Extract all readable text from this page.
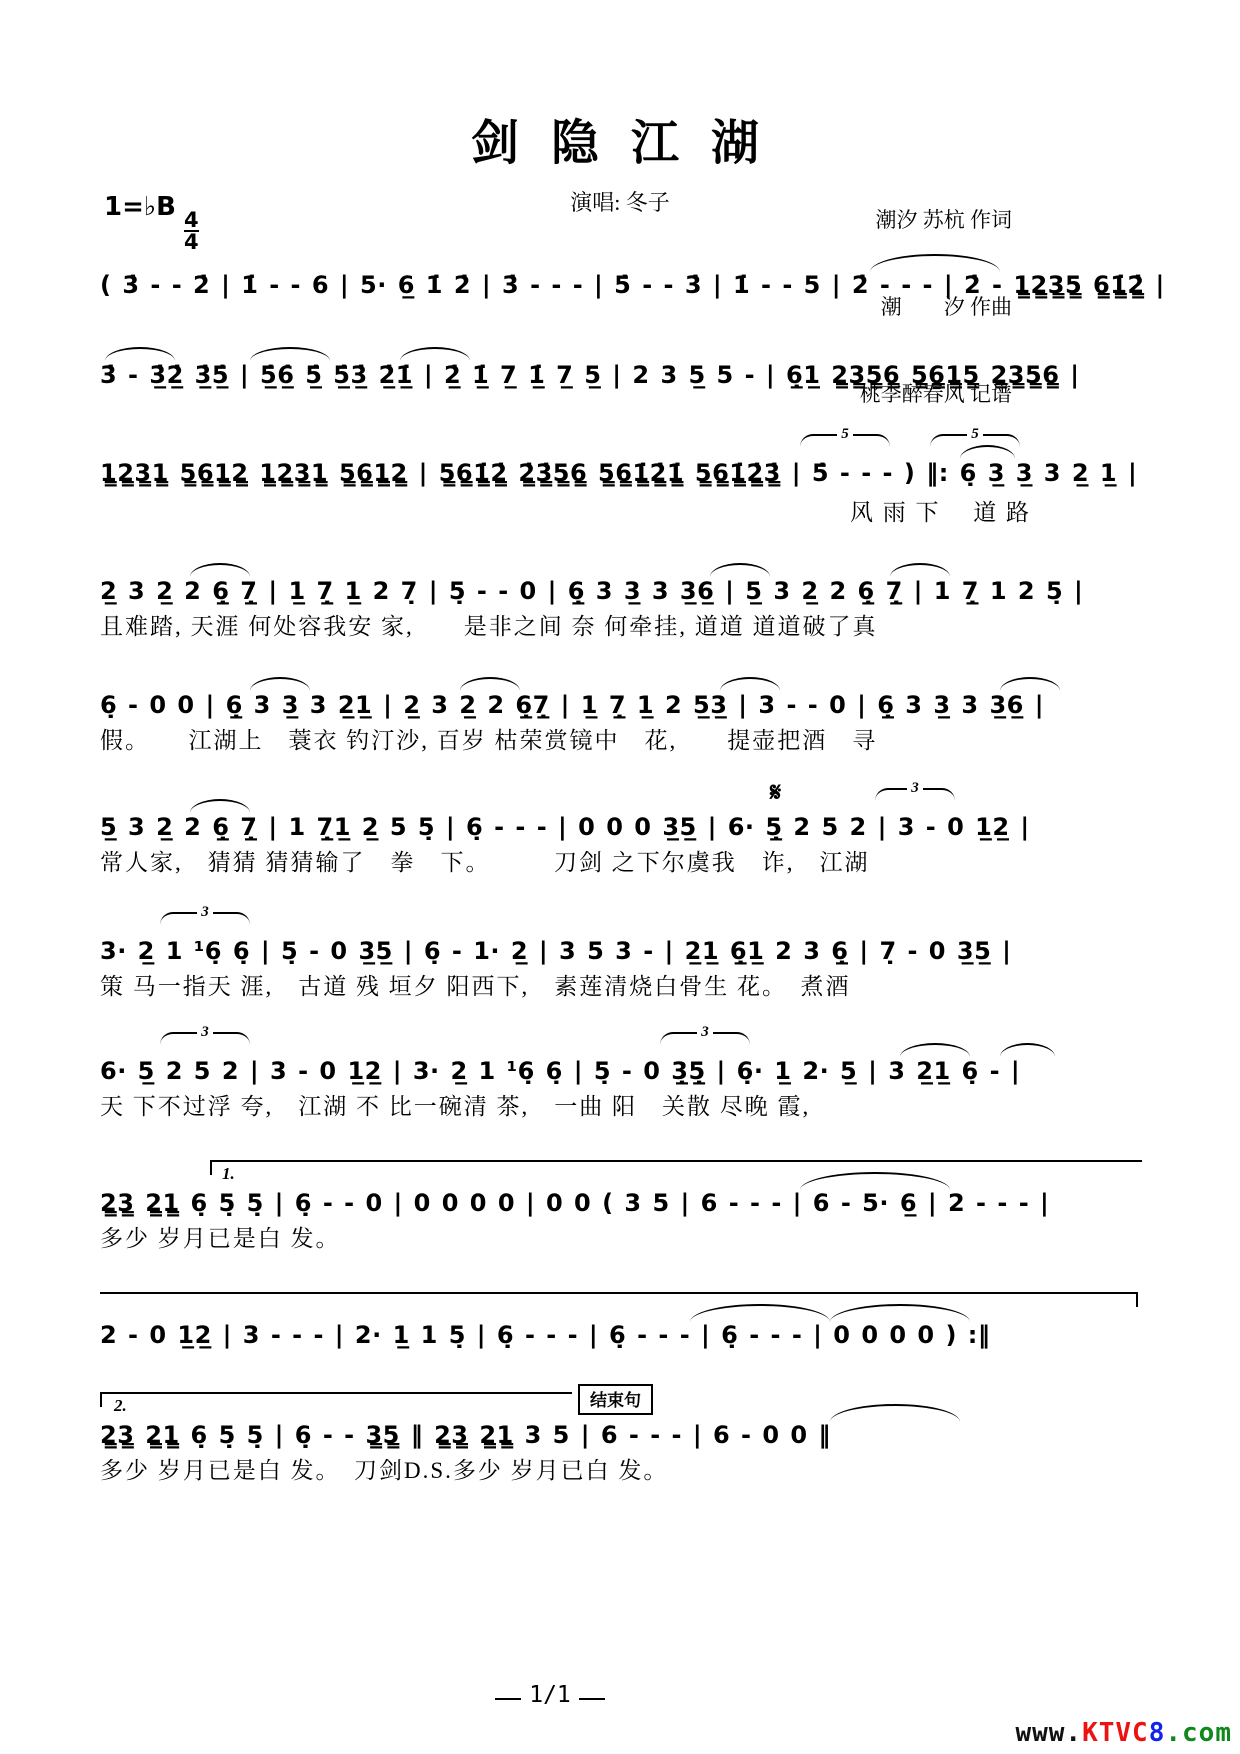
剑 隐 江 湖

潮汐 苏杭 作词

潮　　汐 作曲

桃李醉春风 记谱

1=♭B
$\frac{4}{4}$
演唱: 冬子
( 3̇ - - 2̇ | 1̇ - - 6 | 5· 6̲ 1̇ 2̇ | 3̇ - - - | 5̇ - - 3̇ | 1̇ - - 5 | 2̇ - - - | 2̇ - 1̳2̳3̳5̳ 6̳1̳̇2̳̇ |
3̇ - 3̲̇2̲̇ 3̲̇5̲̇ | 5̲̇6̲̇ 5̲̇ 5̲̇3̲̇ 2̲̇1̲̇ | 2̲̇ 1̲̇ 7̲ 1̲̇ 7̲ 5̲ | 2 3 5̲ 5 - | 6̲̣1̲ 2̳3̳5̳6̳ 5̳6̳1̳5̳ 2̳3̳5̳6̳ |
5	5
1̳2̳3̳1̳ 5̳6̳1̳2̳ 1̳2̳3̳1̳ 5̳6̳1̳2̳ | 5̳6̳1̳̇2̳̇ 2̳̇3̳̇5̳6̳ 5̳6̳1̳̇2̳̇1̳̇ 5̳6̳1̳̇2̳̇3̳̇ | 5̇ - - - ) ‖: 6̣ 3̲ 3̲ 3 2̲ 1̲ |
风 雨 下　 道 路
2̲ 3 2̲ 2 6̲̣ 7̲̣ | 1̲ 7̲̣ 1̲ 2 7̣ | 5̣ - - 0 | 6̲̣ 3 3̲ 3 3̲6̲ | 5̲ 3 2̲ 2 6̲̣ 7̲̣ | 1 7̲̣ 1 2 5̣ |
且难踏, 天涯 何处容我安 家,　　是非之间 奈 何牵挂, 道道 道道破了真
6̣ - 0 0 | 6̲̣ 3 3̲ 3 2̲1̲ | 2̲ 3 2̲ 2 6̲̣7̲̣ | 1̲ 7̲̣ 1̲ 2 5̲3̲ | 3 - - 0 | 6̲̣ 3 3̲ 3 3̲6̲ |
假。　　江湖上　蓑衣 钓汀沙, 百岁 枯荣赏镜中　花,　　提壶把酒　寻
𝄋	3
5̲ 3 2̲ 2 6̲̣ 7̲̣ | 1 7̲̣1̲ 2̲ 5 5̣ | 6̣ - - - | 0 0 0 3̲5̲ | 6· 5̲̣ 2 5 2 | 3 - 0 1̲2̲ |
常人家,　猜猜 猜猜输了　拳　下。　　　刀剑 之下尔虞我　诈,　江湖
3
3· 2̲ 1 ¹6̣ 6̣ | 5̣ - 0 3̲5̲ | 6̣ - 1· 2̲ | 3 5 3 - | 2̲1̲ 6̲̣1̲ 2 3 6̲̣ | 7̣ - 0 3̲5̲ |
策 马一指天 涯,　古道 残 垣夕 阳西下,　素莲清烧白骨生 花。　煮酒
3	3
6· 5̲ 2 5 2 | 3 - 0 1̲2̲ | 3· 2̲ 1 ¹6̣ 6̣ | 5̣ - 0 3̲̣5̲̣ | 6̣· 1̲ 2· 5̲ | 3 2̲1̲ 6̣ - |
天 下不过浮 夸,　江湖 不 比一碗清 茶,　一曲 阳　关散 尽晚 霞,
1.
2̳3̳ 2̳1̳ 6̣ 5̣ 5̣ | 6̣ - - 0 | 0 0 0 0 | 0 0 ( 3 5 | 6 - - - | 6 - 5· 6̲ | 2 - - - |
多少 岁月已是白 发。
2 - 0 1̲2̲ | 3 - - - | 2· 1̲ 1 5̣ | 6̣ - - - | 6̣ - - - | 6̣ - - - | 0 0 0 0 ) :‖
2.	结束句
2̳3̳ 2̳1̳ 6̣ 5̣ 5̣ | 6̣ - - 3̳5̳ ‖ 2̳3̳ 2̳1̳ 3 5 | 6 - - - | 6 - 0 0 ‖
多少 岁月已是白 发。　刀剑D.S.多少 岁月已白 发。
1/1
www.KTVC8.com
